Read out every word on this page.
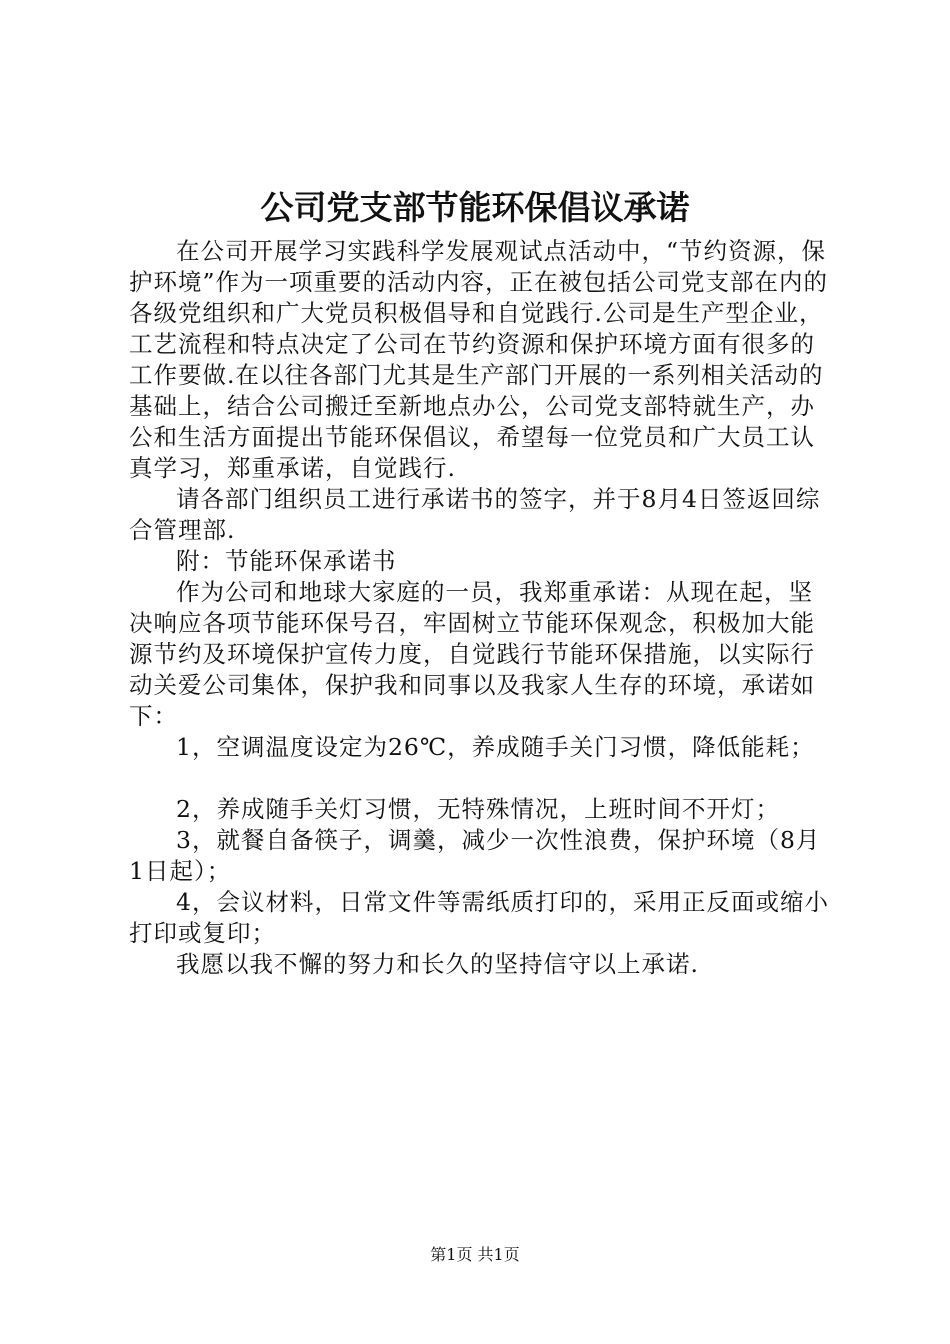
公司党支部节能环保倡议承诺

在公司开展学习实践科学发展观试点活动中，“节约资源，保护环境”作为一项重要的活动内容，正在被包括公司党支部在内的各级党组织和广大党员积极倡导和自觉践行.公司是生产型企业，工艺流程和特点决定了公司在节约资源和保护环境方面有很多的工作要做.在以往各部门尤其是生产部门开展的一系列相关活动的基础上，结合公司搬迁至新地点办公，公司党支部特就生产，办公和生活方面提出节能环保倡议，希望每一位党员和广大员工认真学习，郑重承诺，自觉践行.

请各部门组织员工进行承诺书的签字，并于8月4日签返回综合管理部.

附：节能环保承诺书

作为公司和地球大家庭的一员，我郑重承诺：从现在起，坚决响应各项节能环保号召，牢固树立节能环保观念，积极加大能源节约及环境保护宣传力度，自觉践行节能环保措施，以实际行动关爱公司集体，保护我和同事以及我家人生存的环境，承诺如下：

1，空调温度设定为26℃，养成随手关门习惯，降低能耗；

2，养成随手关灯习惯，无特殊情况，上班时间不开灯；

3，就餐自备筷子，调羹，减少一次性浪费，保护环境（8月1日起）；

4，会议材料，日常文件等需纸质打印的，采用正反面或缩小打印或复印；

我愿以我不懈的努力和长久的坚持信守以上承诺.

第1页 共1页
